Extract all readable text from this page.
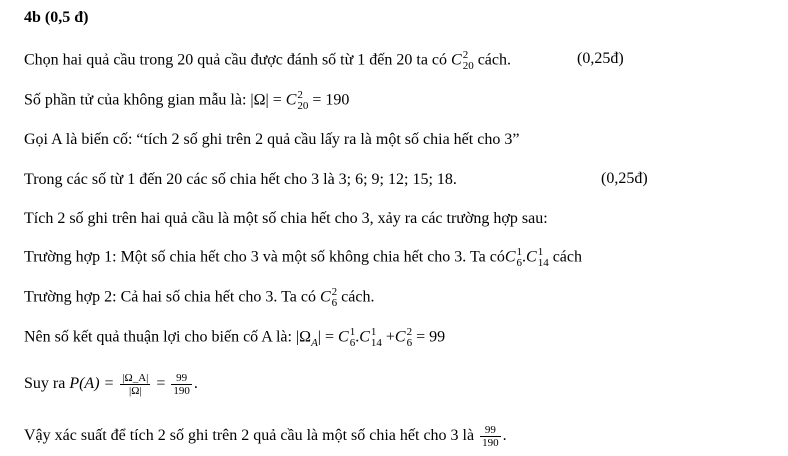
4b (0,5 đ)
Chọn hai quả cầu trong 20 quả cầu được đánh số từ 1 đến 20 ta có C 2
20 cách.	(0,25đ)
Số phần tử của không gian mẫu là: |Ω| = C 2
20 = 190
Gọi A là biến cố: “tích 2 số ghi trên 2 quả cầu lấy ra là một số chia hết cho 3”
Trong các số từ 1 đến 20 các số chia hết cho 3 là 3; 6; 9; 12; 15; 18.	(0,25đ)
Tích 2 số ghi trên hai quả cầu là một số chia hết cho 3, xảy ra các trường hợp sau:
Trường hợp 1: Một số chia hết cho 3 và một số không chia hết cho 3. Ta cóC 1
6 .C 1
14 cách
Trường hợp 2: Cả hai số chia hết cho 3. Ta có C 2
6 cách.
Nên số kết quả thuận lợi cho biến cố A là: $|\Omega_A| = C$ 1
6 .C 1
14 +C 2
6 = 99
Suy ra $P(A) = \frac{|\Omega\_A|}{|\Omega|} = \frac{99}{190}$ .
Vậy xác suất để tích 2 số ghi trên 2 quả cầu là một số chia hết cho 3 là $\frac{99}{190}$ .
